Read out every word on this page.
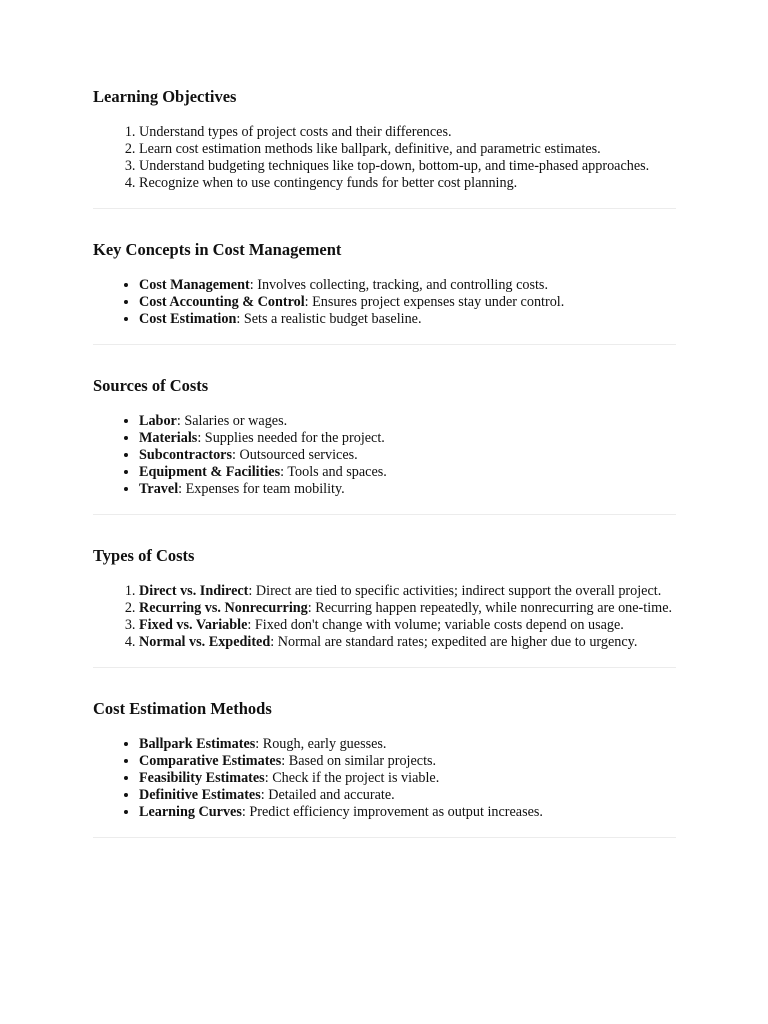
Learning Objectives
1. Understand types of project costs and their differences.
2. Learn cost estimation methods like ballpark, definitive, and parametric estimates.
3. Understand budgeting techniques like top-down, bottom-up, and time-phased approaches.
4. Recognize when to use contingency funds for better cost planning.
Key Concepts in Cost Management
• Cost Management: Involves collecting, tracking, and controlling costs.
• Cost Accounting & Control: Ensures project expenses stay under control.
• Cost Estimation: Sets a realistic budget baseline.
Sources of Costs
• Labor: Salaries or wages.
• Materials: Supplies needed for the project.
• Subcontractors: Outsourced services.
• Equipment & Facilities: Tools and spaces.
• Travel: Expenses for team mobility.
Types of Costs
1. Direct vs. Indirect: Direct are tied to specific activities; indirect support the overall project.
2. Recurring vs. Nonrecurring: Recurring happen repeatedly, while nonrecurring are one-time.
3. Fixed vs. Variable: Fixed don't change with volume; variable costs depend on usage.
4. Normal vs. Expedited: Normal are standard rates; expedited are higher due to urgency.
Cost Estimation Methods
• Ballpark Estimates: Rough, early guesses.
• Comparative Estimates: Based on similar projects.
• Feasibility Estimates: Check if the project is viable.
• Definitive Estimates: Detailed and accurate.
• Learning Curves: Predict efficiency improvement as output increases.
